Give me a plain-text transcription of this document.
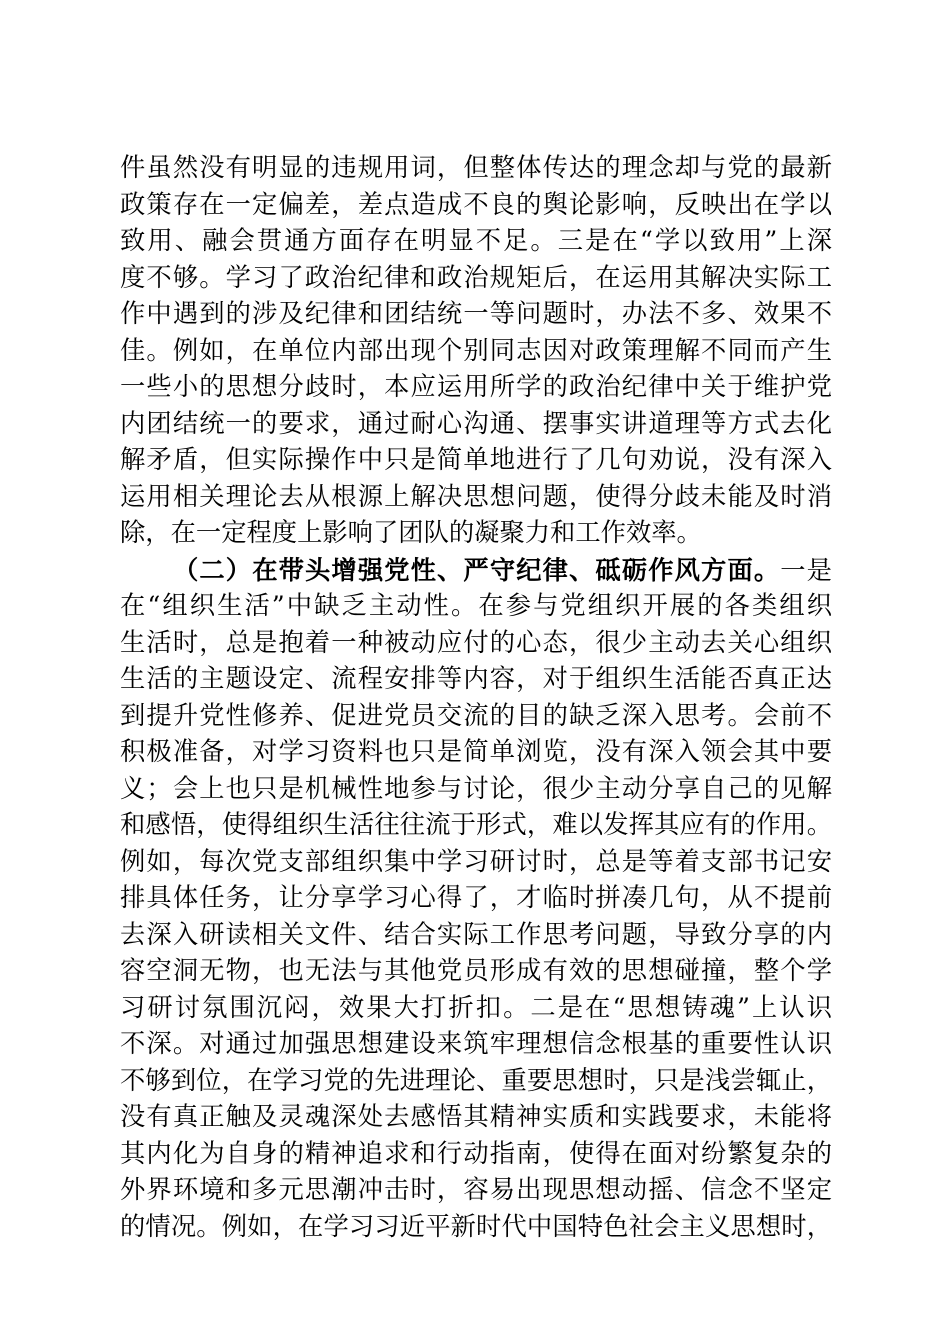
件虽然没有明显的违规用词，但整体传达的理念却与党的最新
政策存在一定偏差，差点造成不良的舆论影响，反映出在学以
致用、融会贯通方面存在明显不足。三是在“学以致用”上深
度不够。学习了政治纪律和政治规矩后，在运用其解决实际工
作中遇到的涉及纪律和团结统一等问题时，办法不多、效果不
佳。例如，在单位内部出现个别同志因对政策理解不同而产生
一些小的思想分歧时，本应运用所学的政治纪律中关于维护党
内团结统一的要求，通过耐心沟通、摆事实讲道理等方式去化
解矛盾，但实际操作中只是简单地进行了几句劝说，没有深入
运用相关理论去从根源上解决思想问题，使得分歧未能及时消
除，在一定程度上影响了团队的凝聚力和工作效率。
（二）在带头增强党性、严守纪律、砥砺作风方面。一是
在“组织生活”中缺乏主动性。在参与党组织开展的各类组织
生活时，总是抱着一种被动应付的心态，很少主动去关心组织
生活的主题设定、流程安排等内容，对于组织生活能否真正达
到提升党性修养、促进党员交流的目的缺乏深入思考。会前不
积极准备，对学习资料也只是简单浏览，没有深入领会其中要
义；会上也只是机械性地参与讨论，很少主动分享自己的见解
和感悟，使得组织生活往往流于形式，难以发挥其应有的作用。
例如，每次党支部组织集中学习研讨时，总是等着支部书记安
排具体任务，让分享学习心得了，才临时拼凑几句，从不提前
去深入研读相关文件、结合实际工作思考问题，导致分享的内
容空洞无物，也无法与其他党员形成有效的思想碰撞，整个学
习研讨氛围沉闷，效果大打折扣。二是在“思想铸魂”上认识
不深。对通过加强思想建设来筑牢理想信念根基的重要性认识
不够到位，在学习党的先进理论、重要思想时，只是浅尝辄止，
没有真正触及灵魂深处去感悟其精神实质和实践要求，未能将
其内化为自身的精神追求和行动指南，使得在面对纷繁复杂的
外界环境和多元思潮冲击时，容易出现思想动摇、信念不坚定
的情况。例如，在学习习近平新时代中国特色社会主义思想时，
